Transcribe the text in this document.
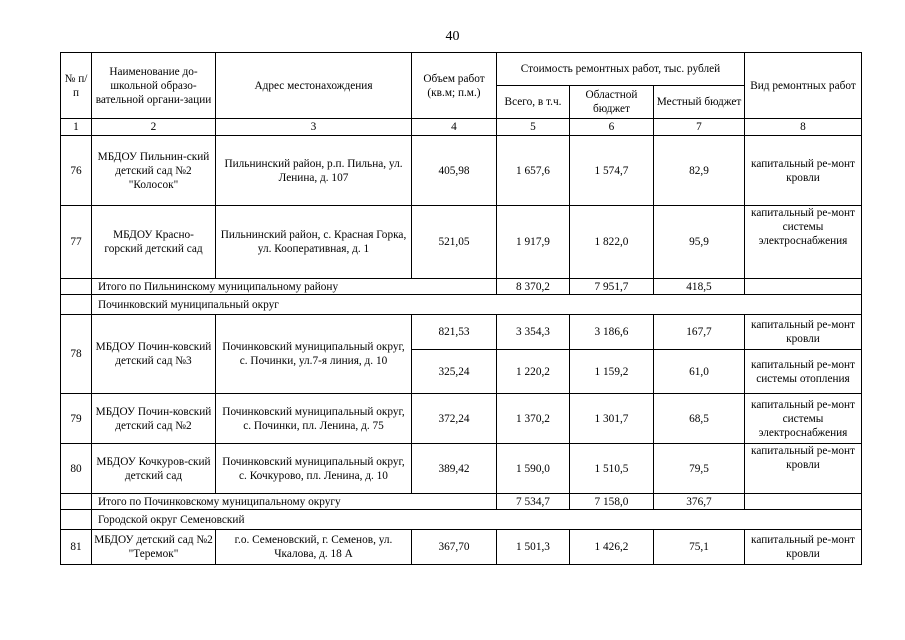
40
№ п/п	Наименование до-школьной образо-вательной органи-зации	Адрес местонахождения	Объем работ (кв.м; п.м.)	Стоимость ремонтных работ, тыс. рублей			Вид ремонтных работ
				Всего, в т.ч.	Областной бюджет	Местный бюджет	
1	2	3	4	5	6	7	8
76	МБДОУ Пильнин-ский детский сад №2 "Колосок"	Пильнинский район, р.п. Пильна, ул. Ленина, д. 107	405,98	1 657,6	1 574,7	82,9	капитальный ре-монт кровли
77	МБДОУ Красно-горский детский сад	Пильнинский район, с. Красная Горка, ул. Кооперативная, д. 1	521,05	1 917,9	1 822,0	95,9	капитальный ре-монт системы электроснабжения
	Итого по Пильнинскому муниципальному району			8 370,2	7 951,7	418,5	
	Починковский муниципальный округ						
78	МБДОУ Почин-ковский детский сад №3	Починковский муниципальный округ, с. Починки, ул.7-я линия, д. 10	821,53	3 354,3	3 186,6	167,7	капитальный ре-монт кровли
			325,24	1 220,2	1 159,2	61,0	капитальный ре-монт системы отопления
79	МБДОУ Почин-ковский детский сад №2	Починковский муниципальный округ, с. Починки, пл. Ленина, д. 75	372,24	1 370,2	1 301,7	68,5	капитальный ре-монт системы электроснабжения
80	МБДОУ Кочкуров-ский детский сад	Починковский муниципальный округ, с. Кочкурово, пл. Ленина, д. 10	389,42	1 590,0	1 510,5	79,5	капитальный ре-монт кровли
	Итого по Починковскому муниципальному округу			7 534,7	7 158,0	376,7	
	Городской округ Семеновский						
81	МБДОУ детский сад №2 "Теремок"	г.о. Семеновский, г. Семенов, ул. Чкалова, д. 18 А	367,70	1 501,3	1 426,2	75,1	капитальный ре-монт кровли
